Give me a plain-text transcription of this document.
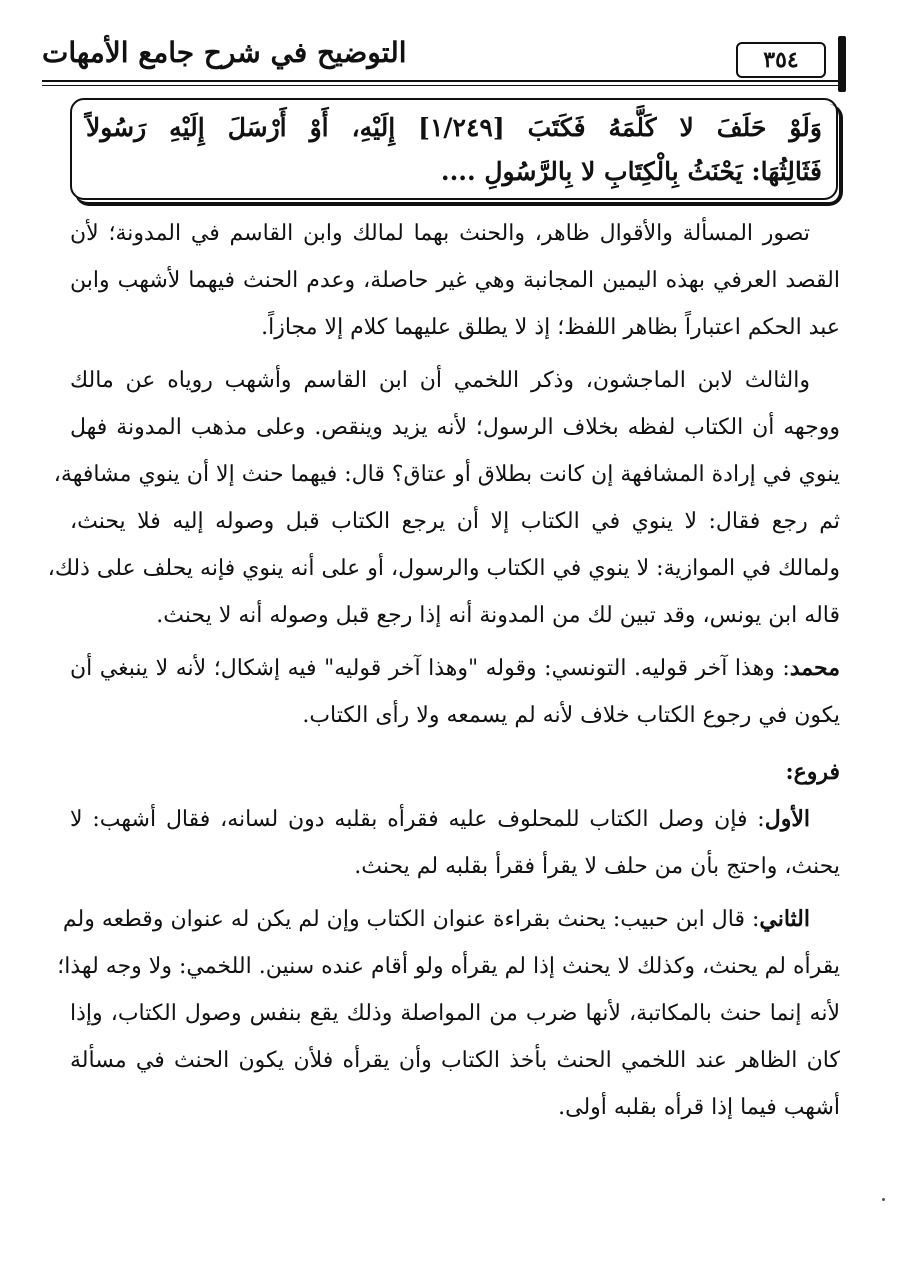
التوضيح في شرح جامع الأمهات	٣٥٤
وَلَوْ حَلَفَ لا كَلَّمَهُ فَكَتَبَ [١/٢٤٩] إِلَيْهِ، أَوْ أَرْسَلَ إِلَيْهِ رَسُولاً
فَثَالِثُهَا: يَحْنَثُ بِالْكِتَابِ لا بِالرَّسُولِ ....
تصور المسألة والأقوال ظاهر، والحنث بهما لمالك وابن القاسم في المدونة؛ لأن
القصد العرفي بهذه اليمين المجانبة وهي غير حاصلة، وعدم الحنث فيهما لأشهب وابن
عبد الحكم اعتباراً بظاهر اللفظ؛ إذ لا يطلق عليهما كلام إلا مجازاً.
والثالث لابن الماجشون، وذكر اللخمي أن ابن القاسم وأشهب روياه عن مالك
ووجهه أن الكتاب لفظه بخلاف الرسول؛ لأنه يزيد وينقص. وعلى مذهب المدونة فهل
ينوي في إرادة المشافهة إن كانت بطلاق أو عتاق؟ قال: فيهما حنث إلا أن ينوي مشافهة،
ثم رجع فقال: لا ينوي في الكتاب إلا أن يرجع الكتاب قبل وصوله إليه فلا يحنث،
ولمالك في الموازية: لا ينوي في الكتاب والرسول، أو على أنه ينوي فإنه يحلف على ذلك،
قاله ابن يونس، وقد تبين لك من المدونة أنه إذا رجع قبل وصوله أنه لا يحنث.
محمد: وهذا آخر قوليه. التونسي: وقوله "وهذا آخر قوليه" فيه إشكال؛ لأنه لا ينبغي أن
يكون في رجوع الكتاب خلاف لأنه لم يسمعه ولا رأى الكتاب.
فروع:
الأول: فإن وصل الكتاب للمحلوف عليه فقرأه بقلبه دون لسانه، فقال أشهب: لا
يحنث، واحتج بأن من حلف لا يقرأ فقرأ بقلبه لم يحنث.
الثاني: قال ابن حبيب: يحنث بقراءة عنوان الكتاب وإن لم يكن له عنوان وقطعه ولم
يقرأه لم يحنث، وكذلك لا يحنث إذا لم يقرأه ولو أقام عنده سنين. اللخمي: ولا وجه لهذا؛
لأنه إنما حنث بالمكاتبة، لأنها ضرب من المواصلة وذلك يقع بنفس وصول الكتاب، وإذا
كان الظاهر عند اللخمي الحنث بأخذ الكتاب وأن يقرأه فلأن يكون الحنث في مسألة
أشهب فيما إذا قرأه بقلبه أولى.
